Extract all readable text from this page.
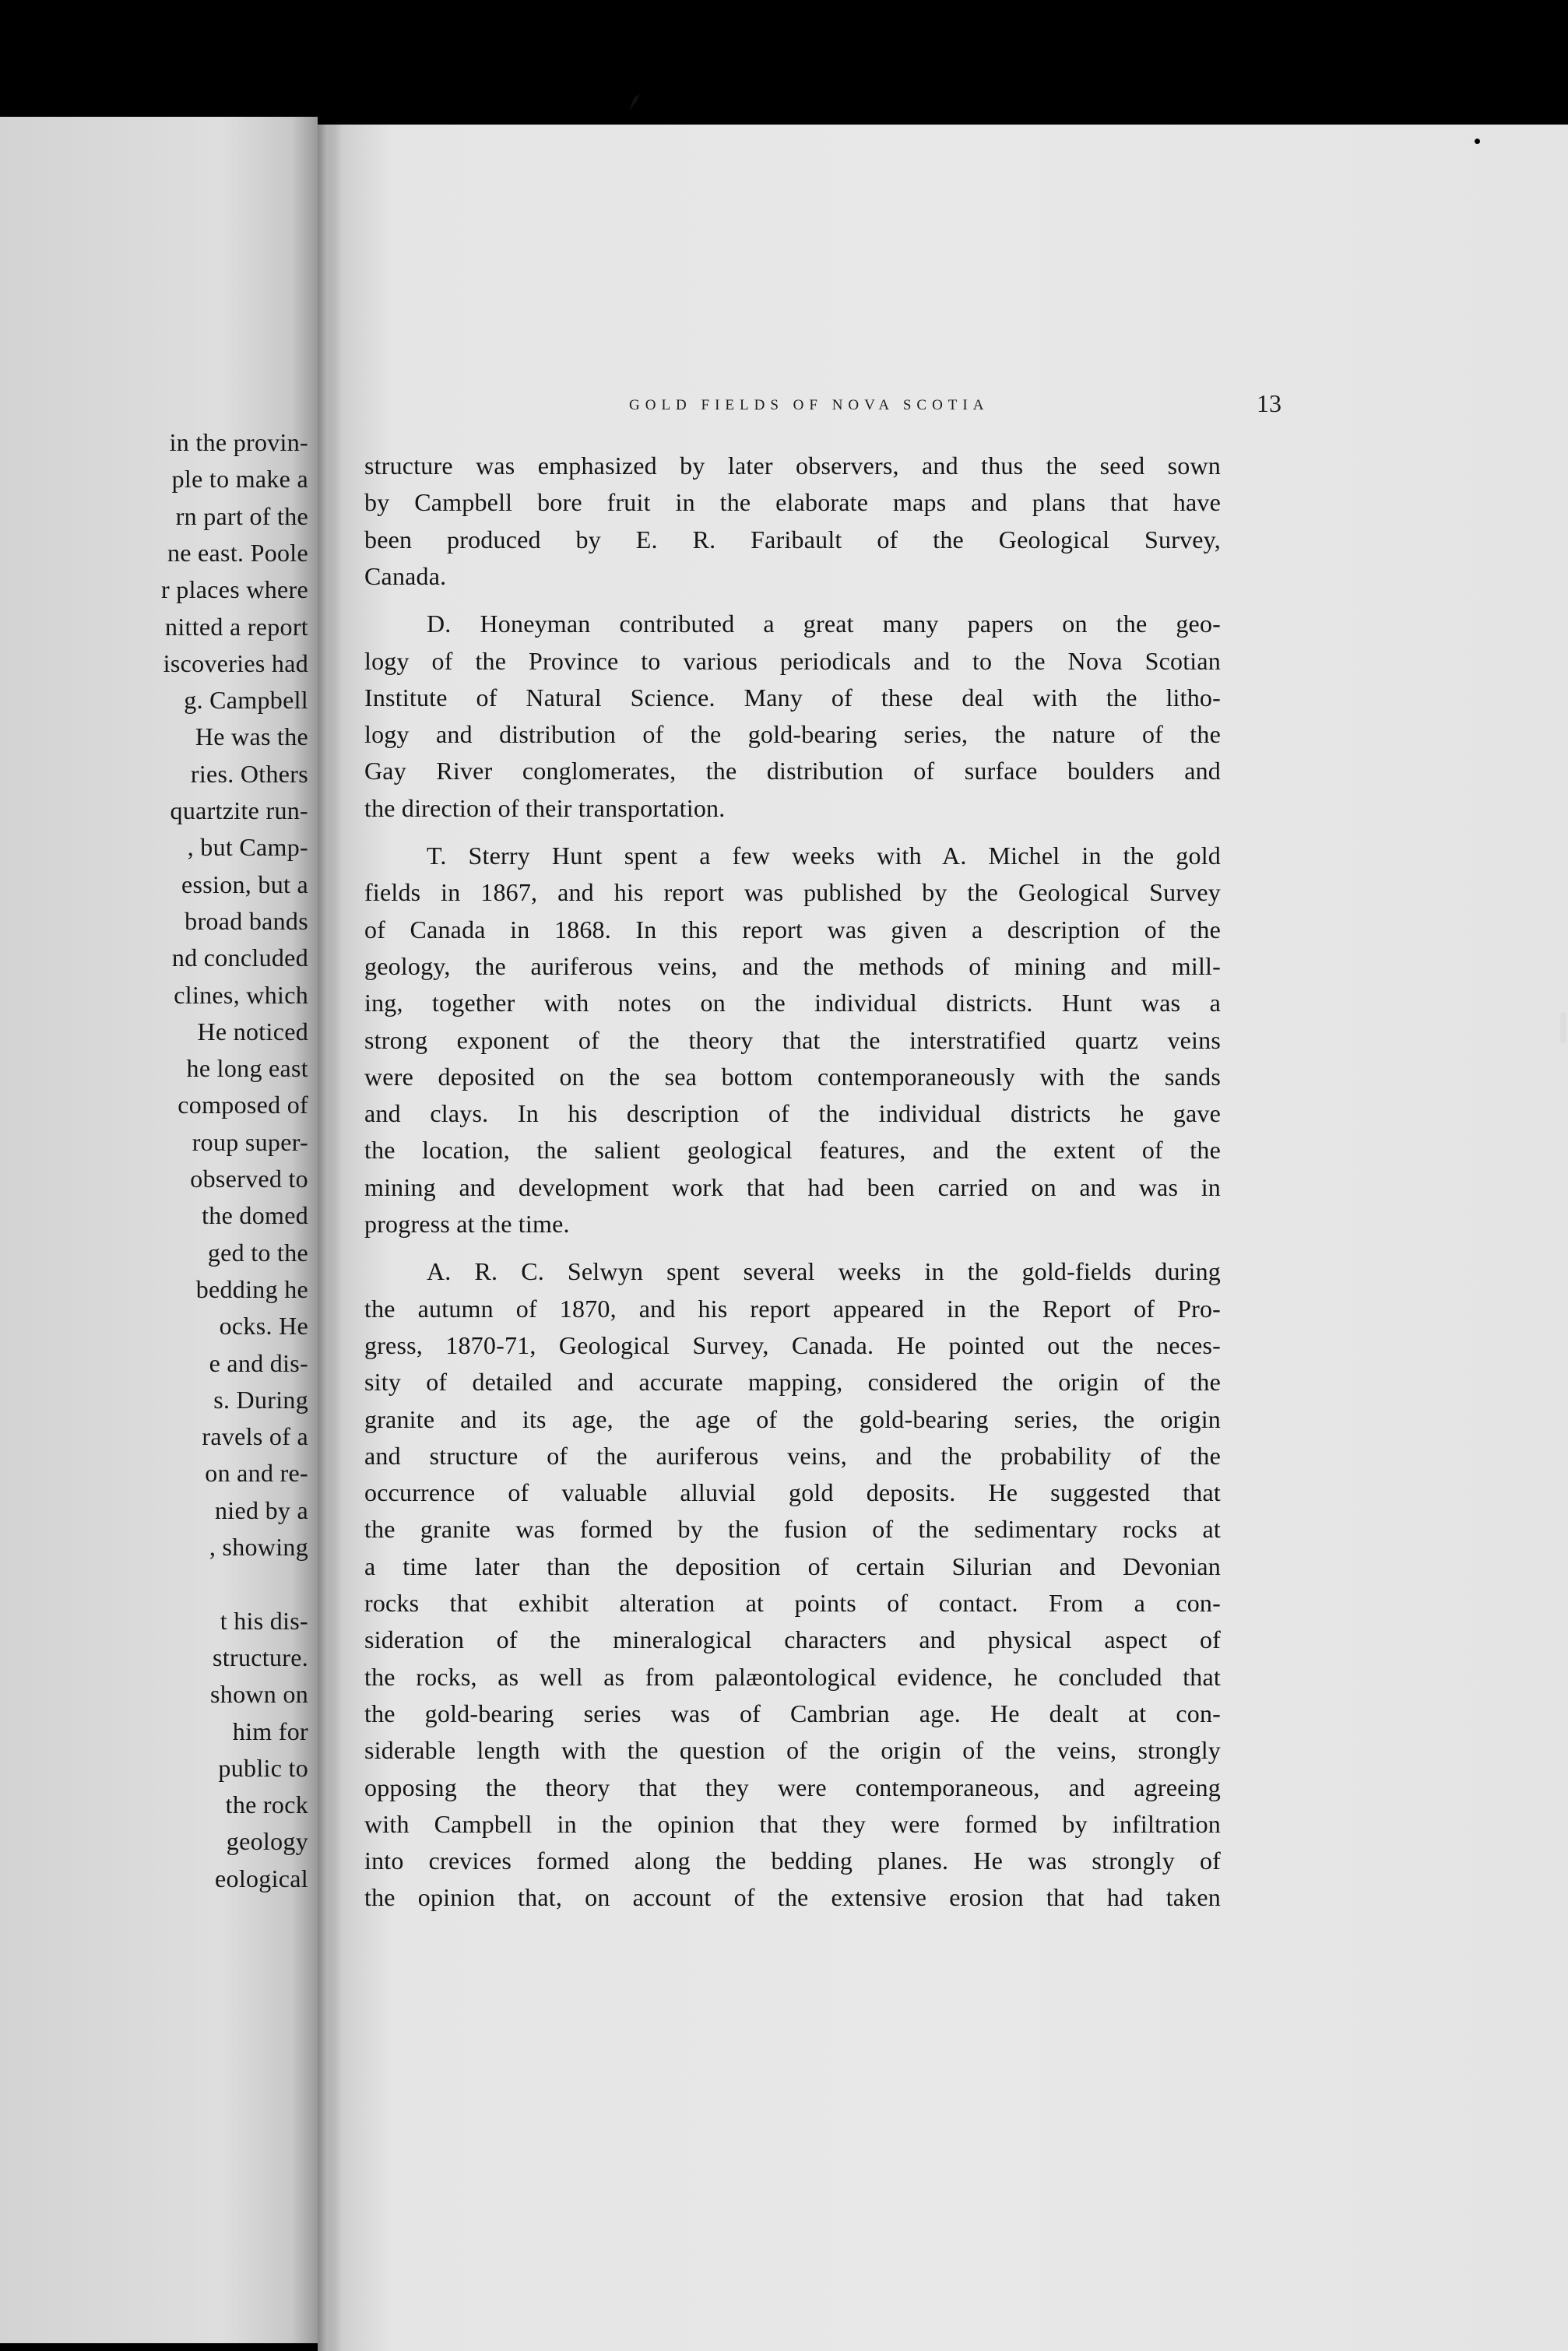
in the provin-
ple to make a
rn part of the
ne east. Poole
r places where
nitted a report
iscoveries had
g. Campbell
He was the
ries. Others
quartzite run-
, but Camp-
ession, but a
broad bands
nd concluded
clines, which
He noticed
he long east
composed of
roup super-
observed to
the domed
ged to the
bedding he
ocks. He
e and dis-
s. During
ravels of a
on and re-
nied by a
, showing
t his dis-
structure.
shown on
him for
public to
the rock
geology
eological
GOLD FIELDS OF NOVA SCOTIA	13
structure was emphasized by later observers, and thus the seed sown
by Campbell bore fruit in the elaborate maps and plans that have
been produced by E. R. Faribault of the Geological Survey,
Canada.
D. Honeyman contributed a great many papers on the geo-
logy of the Province to various periodicals and to the Nova Scotian
Institute of Natural Science. Many of these deal with the litho-
logy and distribution of the gold-bearing series, the nature of the
Gay River conglomerates, the distribution of surface boulders and
the direction of their transportation.
T. Sterry Hunt spent a few weeks with A. Michel in the gold
fields in 1867, and his report was published by the Geological Survey
of Canada in 1868. In this report was given a description of the
geology, the auriferous veins, and the methods of mining and mill-
ing, together with notes on the individual districts. Hunt was a
strong exponent of the theory that the interstratified quartz veins
were deposited on the sea bottom contemporaneously with the sands
and clays. In his description of the individual districts he gave
the location, the salient geological features, and the extent of the
mining and development work that had been carried on and was in
progress at the time.
A. R. C. Selwyn spent several weeks in the gold-fields during
the autumn of 1870, and his report appeared in the Report of Pro-
gress, 1870-71, Geological Survey, Canada. He pointed out the neces-
sity of detailed and accurate mapping, considered the origin of the
granite and its age, the age of the gold-bearing series, the origin
and structure of the auriferous veins, and the probability of the
occurrence of valuable alluvial gold deposits. He suggested that
the granite was formed by the fusion of the sedimentary rocks at
a time later than the deposition of certain Silurian and Devonian
rocks that exhibit alteration at points of contact. From a con-
sideration of the mineralogical characters and physical aspect of
the rocks, as well as from palæontological evidence, he concluded that
the gold-bearing series was of Cambrian age. He dealt at con-
siderable length with the question of the origin of the veins, strongly
opposing the theory that they were contemporaneous, and agreeing
with Campbell in the opinion that they were formed by infiltration
into crevices formed along the bedding planes. He was strongly of
the opinion that, on account of the extensive erosion that had taken
